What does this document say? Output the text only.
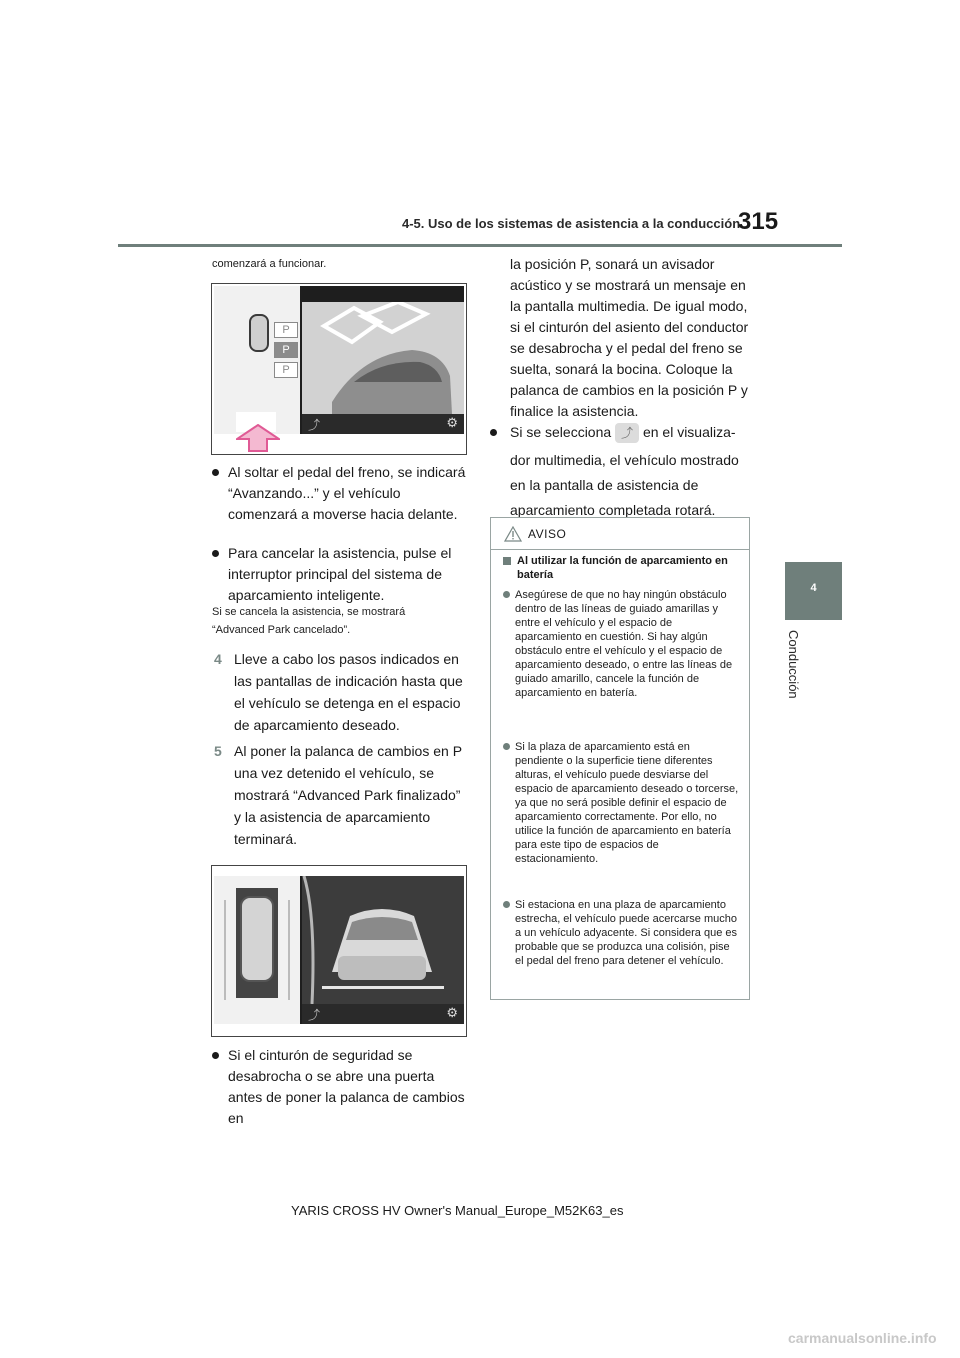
4-5. Uso de los sistemas de asistencia a la conducción
315
4
Conducción
comenzará a funcionar.
P
P
P
⤴	⚙
Al soltar el pedal del freno, se indicará “Avanzando...” y el vehículo comenzará a moverse hacia delante.
Para cancelar la asistencia, pulse el interruptor principal del sistema de aparcamiento inteligente.
Si se cancela la asistencia, se mostrará “Advanced Park cancelado”.
4 Lleve a cabo los pasos indicados en las pantallas de indicación hasta que el vehículo se detenga en el espacio de aparcamiento deseado.
5 Al poner la palanca de cambios en P una vez detenido el vehículo, se mostrará “Advanced Park finalizado” y la asistencia de aparcamiento terminará.
⤴	⚙
Si el cinturón de seguridad se desabrocha o se abre una puerta antes de poner la palanca de cambios en
la posición P, sonará un avisador acústico y se mostrará un mensaje en la pantalla multimedia. De igual modo, si el cinturón del asiento del conductor se desabrocha y el pedal del freno se suelta, sonará la bocina. Coloque la palanca de cambios en la posición P y finalice la asistencia.
Si se selecciona ⤴ en el visualiza-
dor multimedia, el vehículo mostrado en la pantalla de asistencia de aparcamiento completada rotará.
AVISO
Al utilizar la función de aparcamiento en batería
Asegúrese de que no hay ningún obstáculo dentro de las líneas de guiado amarillas y entre el vehículo y el espacio de aparcamiento en cuestión. Si hay algún obstáculo entre el vehículo y el espacio de aparcamiento deseado, o entre las líneas de guiado amarillo, cancele la función de aparcamiento en batería.
Si la plaza de aparcamiento está en pendiente o la superficie tiene diferentes alturas, el vehículo puede desviarse del espacio de aparcamiento deseado o torcerse, ya que no será posible definir el espacio de aparcamiento correctamente. Por ello, no utilice la función de aparcamiento en batería para este tipo de espacios de estacionamiento.
Si estaciona en una plaza de aparcamiento estrecha, el vehículo puede acercarse mucho a un vehículo adyacente. Si considera que es probable que se produzca una colisión, pise el pedal del freno para detener el vehículo.
YARIS CROSS HV Owner's Manual_Europe_M52K63_es
carmanualsonline.info
